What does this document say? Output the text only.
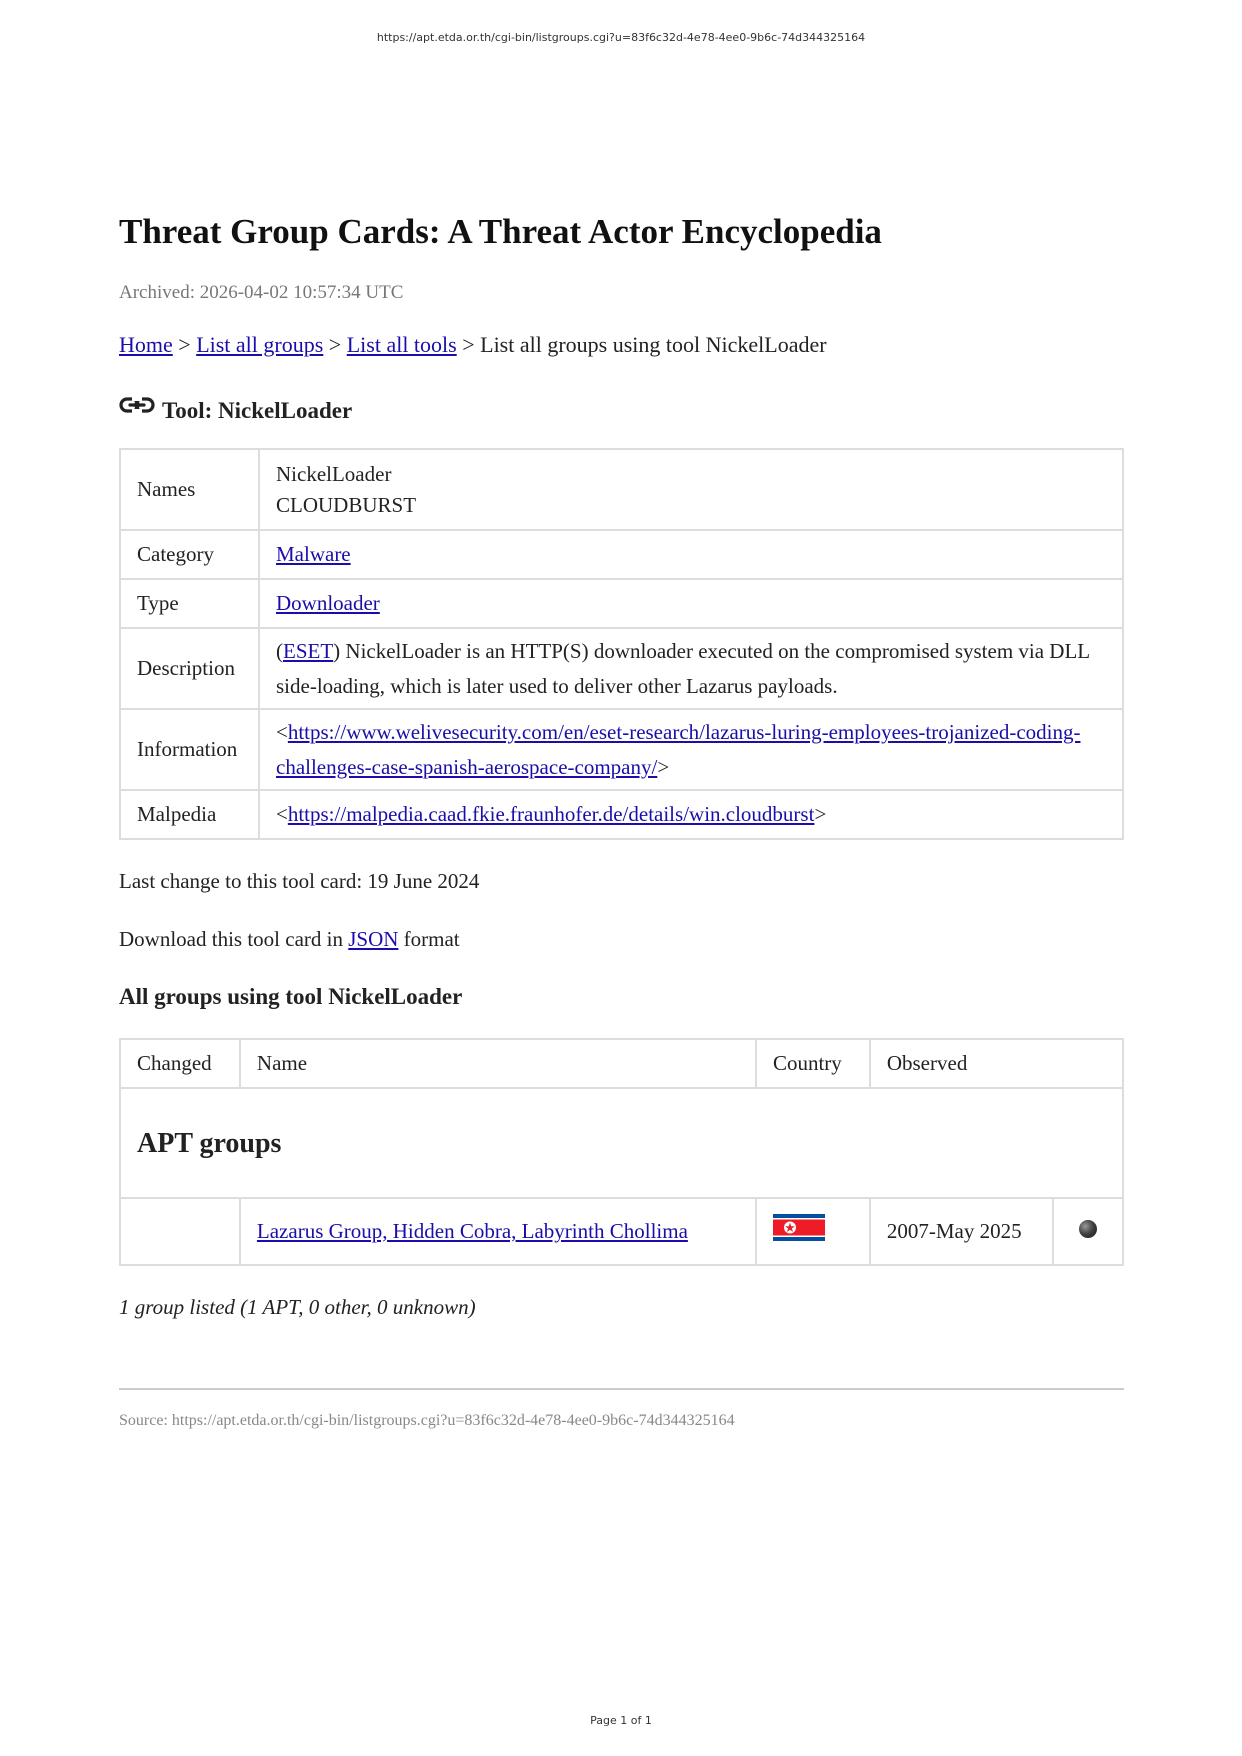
https://apt.etda.or.th/cgi-bin/listgroups.cgi?u=83f6c32d-4e78-4ee0-9b6c-74d344325164
Threat Group Cards: A Threat Actor Encyclopedia
Archived: 2026-04-02 10:57:34 UTC
Home > List all groups > List all tools > List all groups using tool NickelLoader
Tool: NickelLoader
Names	NickelLoader
CLOUDBURST

Category	Malware
Type	Downloader
Description	(ESET) NickelLoader is an HTTP(S) downloader executed on the compromised system via DLL side-loading, which is later used to deliver other Lazarus payloads.
Information	<https://www.welivesecurity.com/en/eset-research/lazarus-luring-employees-trojanized-coding-challenges-case-spanish-aerospace-company/>
Malpedia	<https://malpedia.caad.fkie.fraunhofer.de/details/win.cloudburst>
Last change to this tool card: 19 June 2024
Download this tool card in JSON format
All groups using tool NickelLoader
Changed	Name	Country	Observed	
APT groups				
	Lazarus Group, Hidden Cobra, Labyrinth Chollima		2007-May 2025	
1 group listed (1 APT, 0 other, 0 unknown)
Source: https://apt.etda.or.th/cgi-bin/listgroups.cgi?u=83f6c32d-4e78-4ee0-9b6c-74d344325164
Page 1 of 1
